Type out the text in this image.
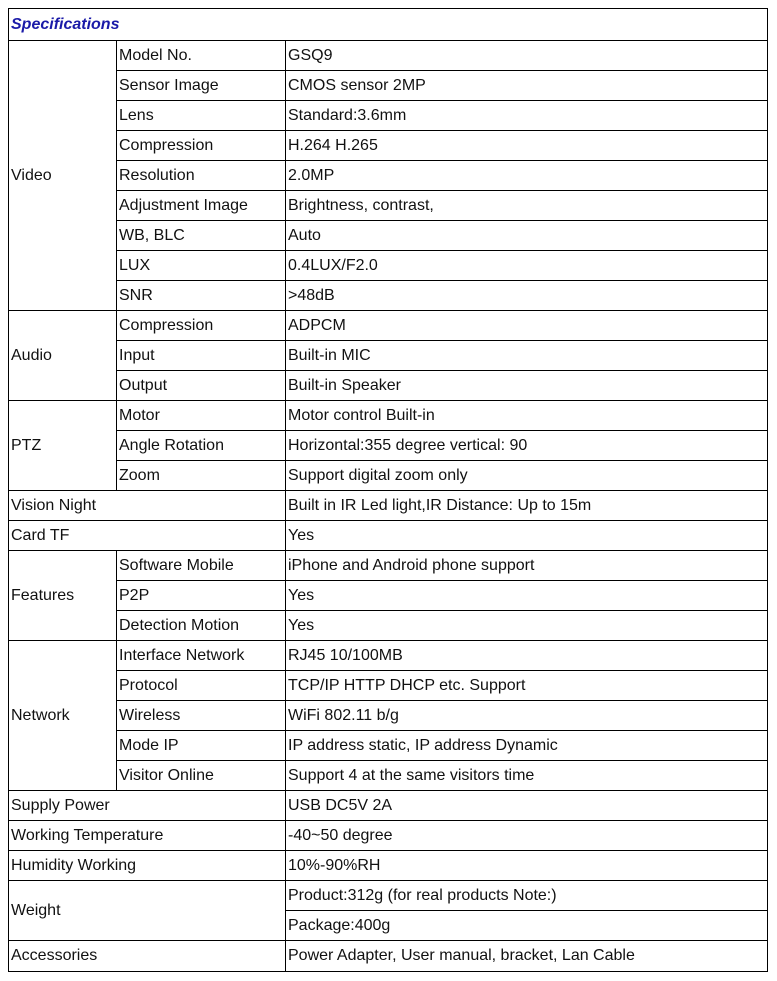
Specifications		
Video	Model No.	GSQ9
	Sensor Image	CMOS sensor 2MP
	Lens	Standard:3.6mm
	Compression	H.264 H.265
	Resolution	2.0MP
	Adjustment Image	Brightness, contrast,
	WB, BLC	Auto
	LUX	0.4LUX/F2.0
	SNR	>48dB
Audio	Compression	ADPCM
	Input	Built-in MIC
	Output	Built-in Speaker
PTZ	Motor	Motor control Built-in
	Angle Rotation	Horizontal:355 degree vertical: 90
	Zoom	Support digital zoom only
Vision Night		Built in IR Led light,IR Distance: Up to 15m
Card TF		Yes
Features	Software Mobile	iPhone and Android phone support
	P2P	Yes
	Detection Motion	Yes
Network	Interface Network	RJ45 10/100MB
	Protocol	TCP/IP HTTP DHCP etc. Support
	Wireless	WiFi 802.11 b/g
	Mode IP	IP address static, IP address Dynamic
	Visitor Online	Support 4 at the same visitors time
Supply Power		USB DC5V 2A
Working Temperature		-40~50 degree
Humidity Working		10%-90%RH
Weight		Product:312g (for real products Note:)
		Package:400g
Accessories		Power Adapter, User manual, bracket, Lan Cable
